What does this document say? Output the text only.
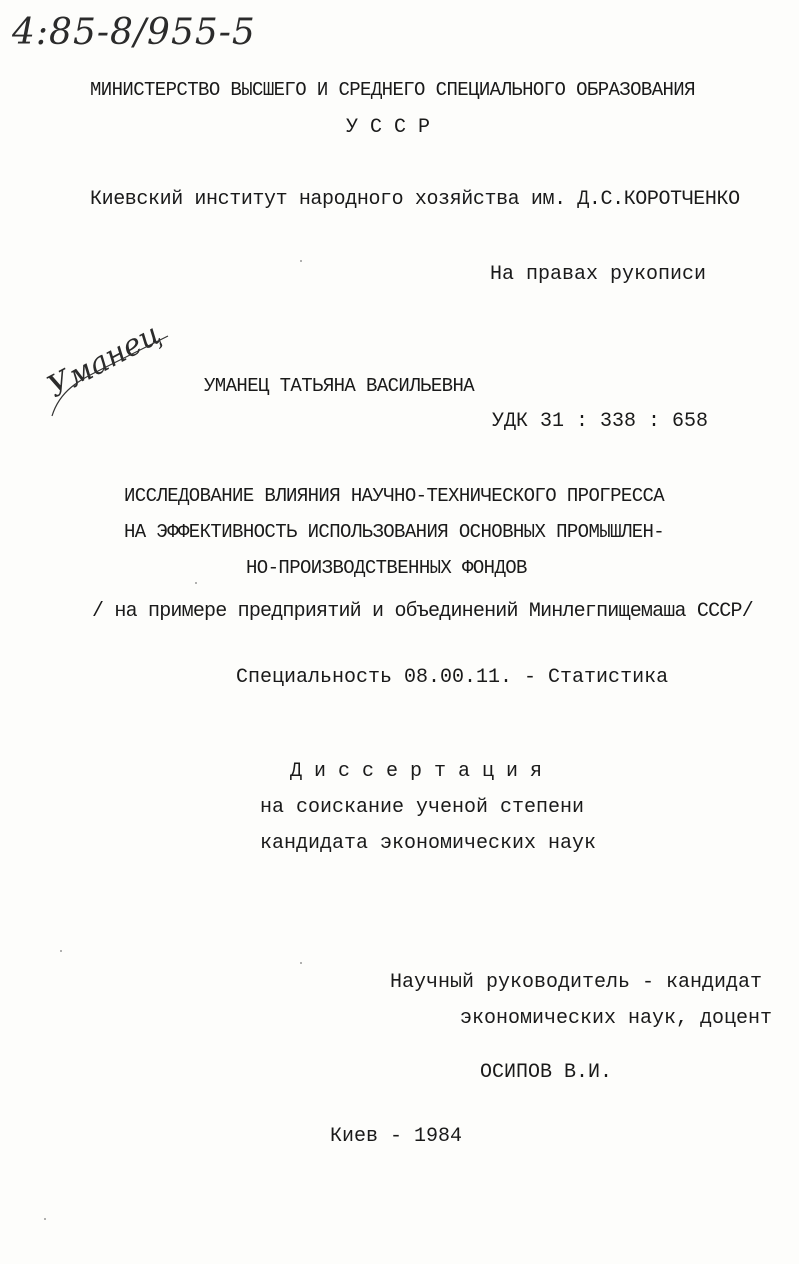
4:85-8/955-5
Уманец
МИНИСТЕРСТВО ВЫСШЕГО И СРЕДНЕГО СПЕЦИАЛЬНОГО ОБРАЗОВАНИЯ
У С С Р
Киевский институт народного хозяйства им. Д.С.КОРОТЧЕНКО
На правах рукописи
УМАНЕЦ ТАТЬЯНА ВАСИЛЬЕВНА
УДК 31 : 338 : 658
ИССЛЕДОВАНИЕ ВЛИЯНИЯ НАУЧНО-ТЕХНИЧЕСКОГО ПРОГРЕССА
НА ЭФФЕКТИВНОСТЬ ИСПОЛЬЗОВАНИЯ ОСНОВНЫХ ПРОМЫШЛЕН-
НО-ПРОИЗВОДСТВЕННЫХ ФОНДОВ
/ на примере предприятий и объединений Минлегпищемаша СССР/
Специальность 08.00.11. - Статистика
Д и с с е р т а ц и я
на соискание ученой степени
кандидата экономических наук
Научный руководитель - кандидат
экономических наук, доцент
ОСИПОВ В.И.
Киев - 1984
